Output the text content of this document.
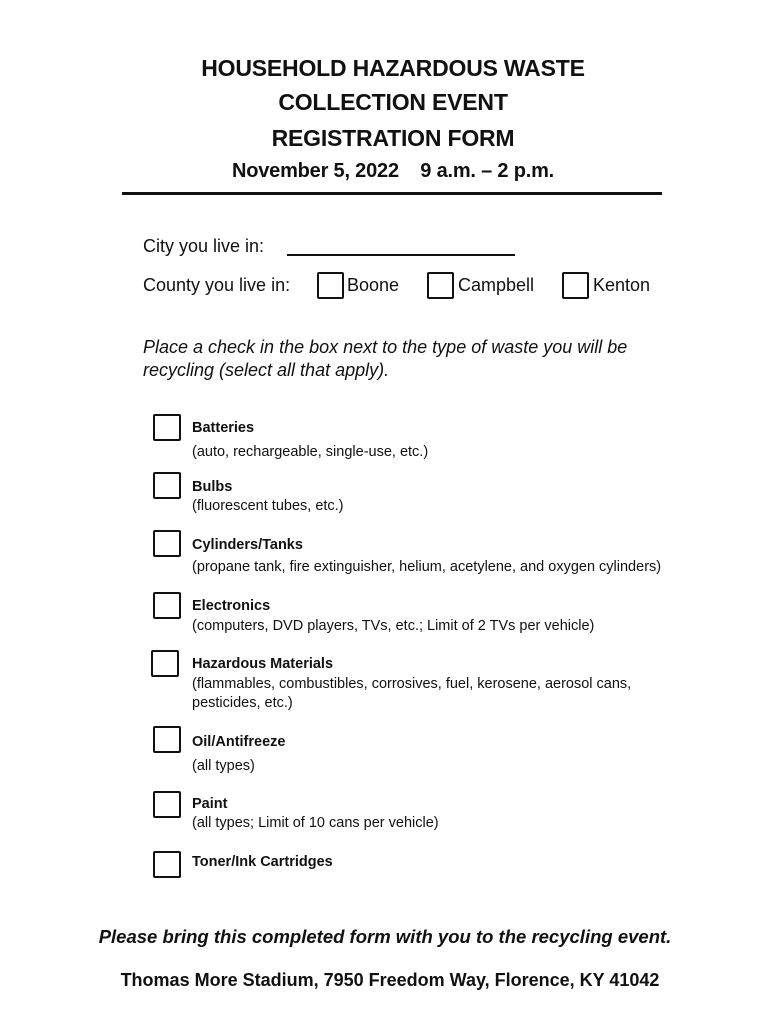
HOUSEHOLD HAZARDOUS WASTE
COLLECTION EVENT
REGISTRATION FORM
November 5, 2022    9 a.m. – 2 p.m.
City you live in:
County you live in:	Boone	Campbell	Kenton
Place a check in the box next to the type of waste you will be recycling (select all that apply).
Batteries
(auto, rechargeable, single-use, etc.)
Bulbs
(fluorescent tubes, etc.)
Cylinders/Tanks
(propane tank, fire extinguisher, helium, acetylene, and oxygen cylinders)
Electronics
(computers, DVD players, TVs, etc.; Limit of 2 TVs per vehicle)
Hazardous Materials
(flammables, combustibles, corrosives, fuel, kerosene, aerosol cans, pesticides, etc.)
Oil/Antifreeze
(all types)
Paint
(all types; Limit of 10 cans per vehicle)
Toner/Ink Cartridges
Please bring this completed form with you to the recycling event.
Thomas More Stadium, 7950 Freedom Way, Florence, KY 41042
